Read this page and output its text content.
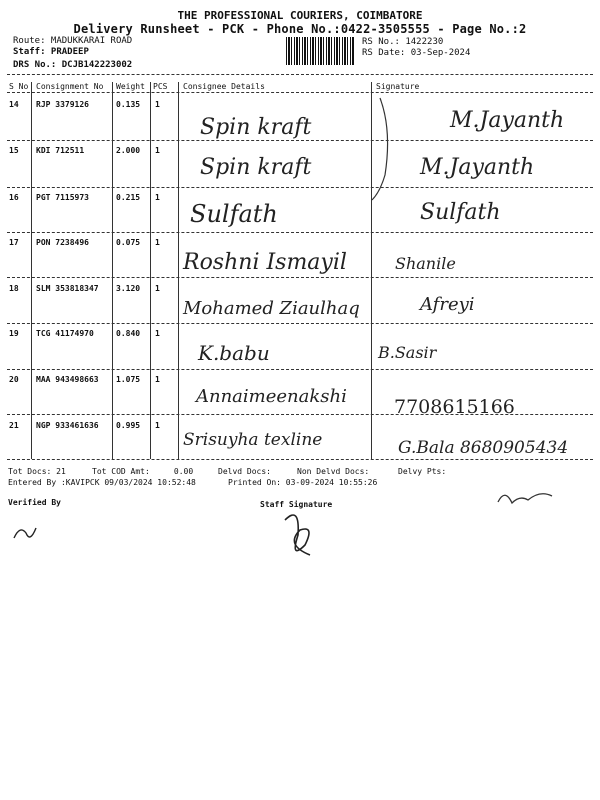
THE PROFESSIONAL COURIERS, COIMBATORE
Delivery Runsheet - PCK - Phone No.:0422-3505555 - Page No.:2
Route: MADUKKARAI ROAD
Staff: PRADEEP
DRS No.: DCJB142223002
RS No.: 1422230
RS Date: 03-Sep-2024
S No Consignment No Weight PCS Consignee Details	Signature
14 RJP 3379126	0.135 1
Spin kraft	M.Jayanth
15 KDI 712511	2.000 1
Spin kraft	M.Jayanth
16 PGT 7115973	0.215 1
Sulfath	Sulfath
17 PON 7238496	0.075 1
Roshni Ismayil	Shanile
18 SLM 353818347 3.120 1
Mohamed Ziaulhaq	Afreyi
19 TCG 41174970	0.840 1
K.babu	B.Sasir
20 MAA 943498663 1.075 1
Annaimeenakshi 7708615166
21 NGP 933461636 0.995 1
Srisuyha texline	G.Bala 8680905434
Tot Docs: 21	Tot COD Amt:     0.00	Delvd Docs:	Non Delvd Docs:	Delvy Pts:
Entered By :KAVIPCK 09/03/2024 10:52:48	Printed On: 03-09-2024 10:55:26
Verified By	Staff Signature
